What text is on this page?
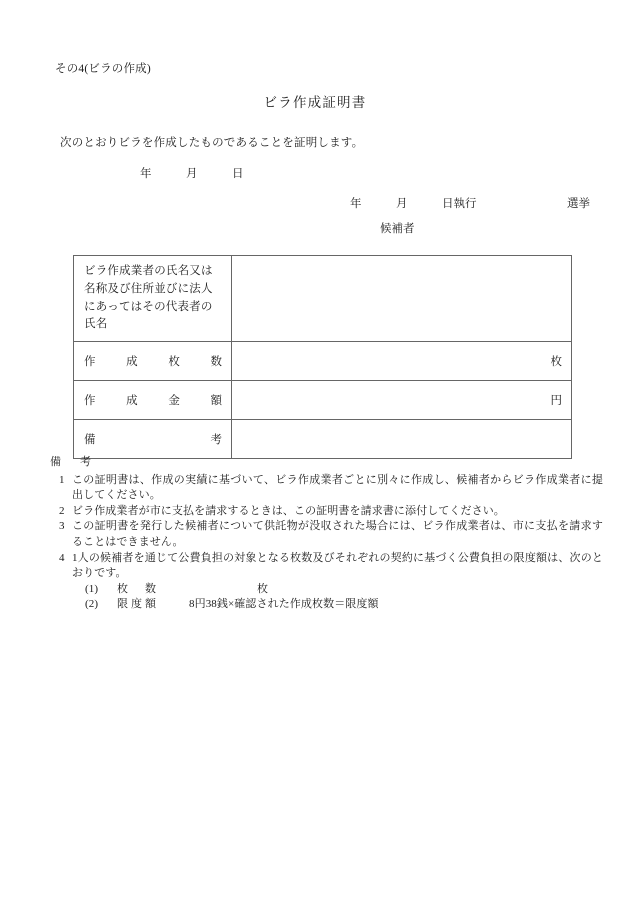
その4(ビラの作成)
ビラ作成証明書
次のとおりビラを作成したものであることを証明します。
年　　　月　　　日
年　　　月　　　日執行	選挙
候補者
ビラ作成業者の氏名又は名称及び住所並びに法人にあってはその代表者の氏名	

作 成 枚 数	枚

作 成 金 額	円

備 考	

備　考
1 この証明書は、作成の実績に基づいて、ビラ作成業者ごとに別々に作成し、候補者からビラ作成業者に提出してください。
2 ビラ作成業者が市に支払を請求するときは、この証明書を請求書に添付してください。
3 この証明書を発行した候補者について供託物が没収された場合には、ビラ作成業者は、市に支払を請求することはできません。
4 1人の候補者を通じて公費負担の対象となる枚数及びそれぞれの契約に基づく公費負担の限度額は、次のとおりです。
(1)	枚　数	枚
(2)	限度額	8円38銭×確認された作成枚数＝限度額
